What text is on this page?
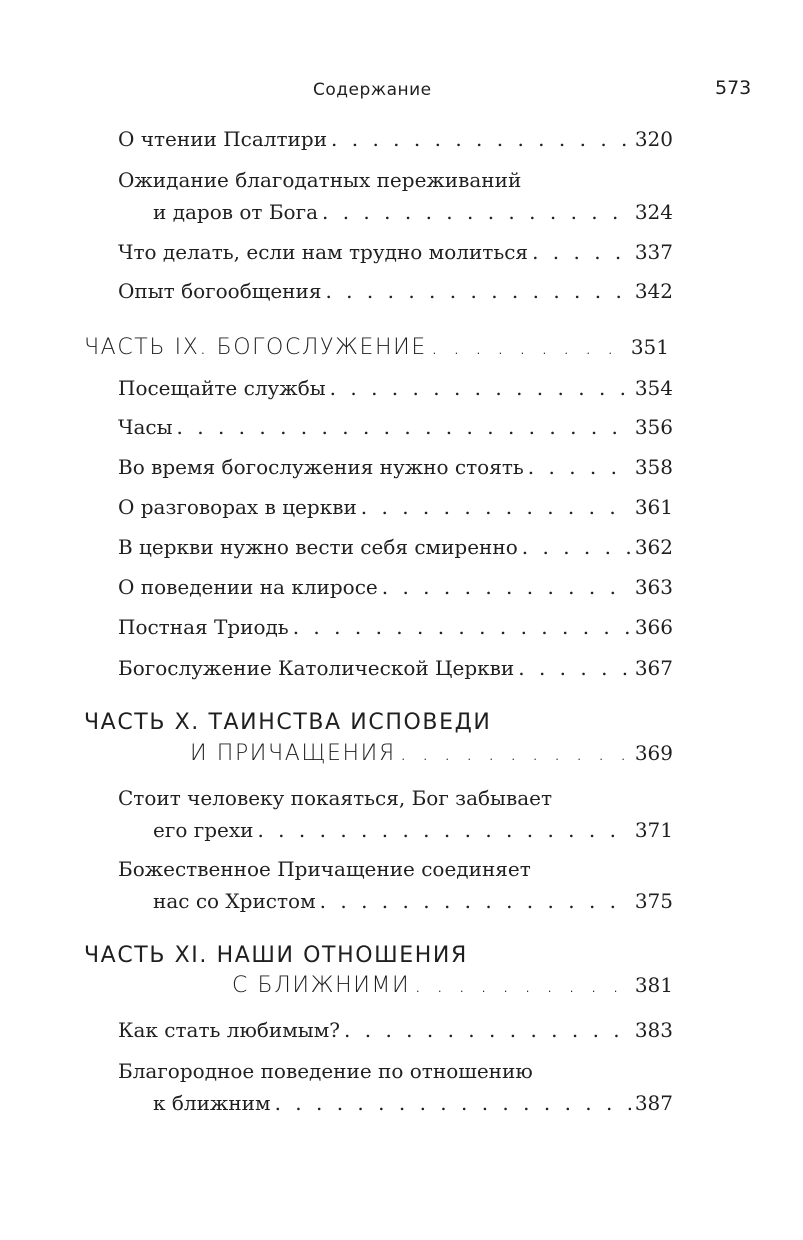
Содержание	573
О чтении Псалтири . . .	320
Ожидание благодатных переживаний
и даров от Бога . . .	324
Что делать, если нам трудно молиться . . .	337
Опыт богообщения . . .	342
ЧАСТЬ IX. БОГОСЛУЖЕНИЕ . . .	351
Посещайте службы . . .	354
Часы . . .	356
Во время богослужения нужно стоять . . .	358
О разговорах в церкви . . .	361
В церкви нужно вести себя смиренно . . .	362
О поведении на клиросе . . .	363
Постная Триодь . . .	366
Богослужение Католической Церкви . . .	367
ЧАСТЬ X. ТАИНСТВА ИСПОВЕДИ
И ПРИЧАЩЕНИЯ . . .	369
Стоит человеку покаяться, Бог забывает
его грехи . . .	371
Божественное Причащение соединяет
нас со Христом . . .	375
ЧАСТЬ XI. НАШИ ОТНОШЕНИЯ
С БЛИЖНИМИ . . .	381
Как стать любимым? . . .	383
Благородное поведение по отношению
к ближним . . .	387
